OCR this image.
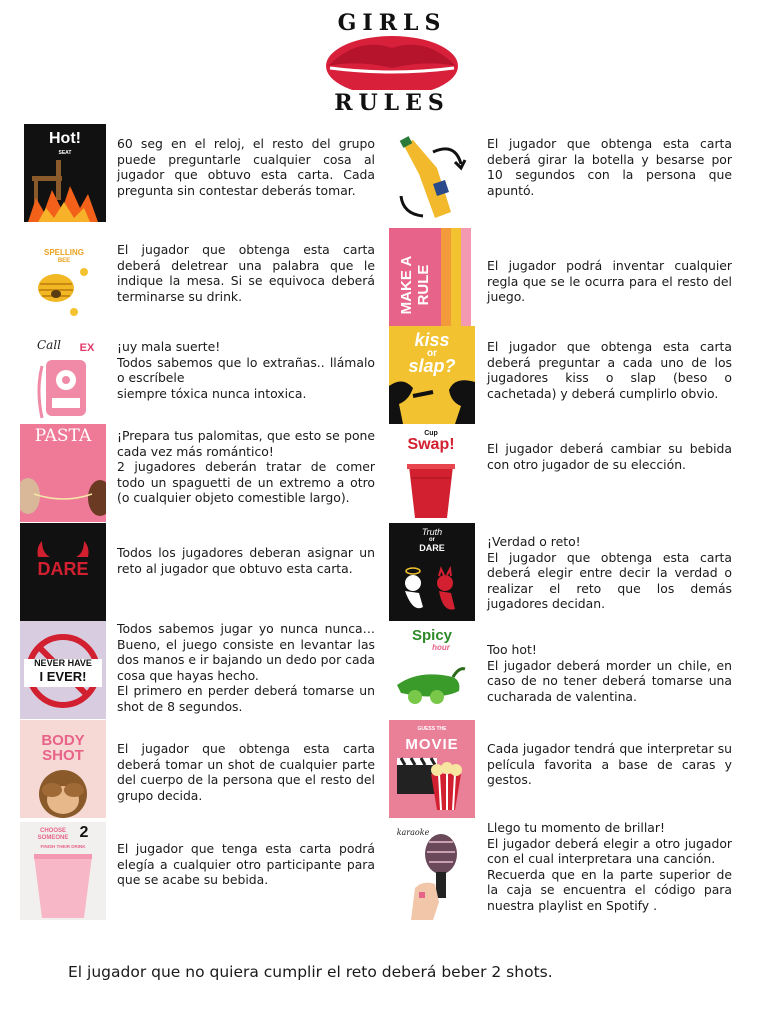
GIRLS
RULES
Hot!
SEAT

60 seg en el reloj, el resto del grupo puede preguntarle cualquier cosa al jugador que obtuvo esta carta. Cada pregunta sin contestar deberás tomar.

SPELLING
BEE

El jugador que obtenga esta carta deberá deletrear una palabra que le indique la mesa. Si se equivoca deberá terminarse su drink.

Call	EX	¡uy mala suerte!
Todos sabemos que lo extrañas.. llámalo o escríbele
siempre tóxica nunca intoxica.

PASTA	¡Prepara tus palomitas, que esto se pone cada vez más romántico!
2 jugadores deberán tratar de comer todo un spaguetti de un extremo a otro (o cualquier objeto comestible largo).

DARE

Todos los jugadores deberan asignar un reto al jugador que obtuvo esta carta.

NEVER HAVE
I EVER!

Todos sabemos jugar yo nunca nunca… Bueno, el juego consiste en levantar las dos manos e ir bajando un dedo por cada cosa que hayas hecho.
El primero en perder deberá tomarse un shot de 8 segundos.

BODY
SHOT	El jugador que obtenga esta carta deberá tomar un shot de cualquier parte del cuerpo de la persona que el resto del grupo decida.

CHOOSE
SOMEONE 2
FINISH THEIR DRINK	El jugador que tenga esta carta podrá elegía a cualquier otro participante para que se acabe su bebida.

El jugador que obtenga esta carta deberá girar la botella y besarse por 10 segundos con la persona que apuntó.

MAKE A RULE	El jugador podrá inventar cualquier regla que se le ocurra para el resto del juego.

kiss
or
slap?

El jugador que obtenga esta carta deberá preguntar a cada uno de los jugadores kiss o slap (beso o cachetada) y deberá cumplirlo obvio.

Cup
Swap!	El jugador deberá cambiar su bebida con otro jugador de su elección.

Truth
or
DARE	¡Verdad o reto!
El jugador que obtenga esta carta deberá elegir entre decir la verdad o realizar el reto que los demás jugadores decidan.

Spicy
hour	Too hot!
El jugador deberá morder un chile, en caso de no tener deberá tomarse una cucharada de valentina.

GUESS THE
MOVIE	Cada jugador tendrá que interpretar su película favorita a base de caras y gestos.

karaoke	Llego tu momento de brillar!
El jugador deberá elegir a otro jugador con el cual interpretara una canción.
Recuerda que en la parte superior de la caja se encuentra el código para nuestra playlist en Spotify .

El jugador que no quiera cumplir el reto deberá beber 2 shots.
